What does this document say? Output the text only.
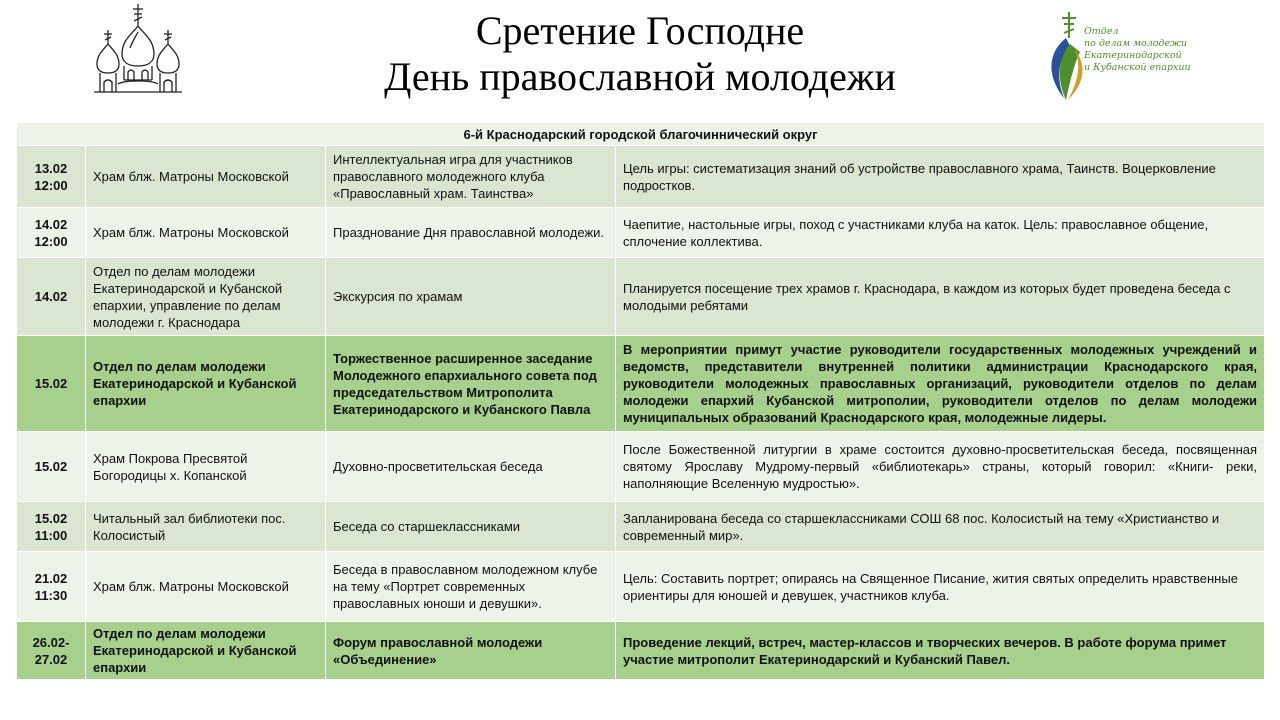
Сретение Господне
День православной молодежи
Отдел
по делам молодежи
Екатеринодарской
и Кубанской епархии
6-й Краснодарский городской благочиннический округ			
13.02
12:00	Храм блж. Матроны Московской	Интеллектуальная игра для участников православного молодежного клуба «Православный храм. Таинства»	Цель игры: систематизация знаний об устройстве православного храма, Таинств. Воцерковление подростков.
14.02
12:00	Храм блж. Матроны Московской	Празднование Дня православной молодежи.	Чаепитие, настольные игры, поход с участниками клуба на каток. Цель: православное общение, сплочение коллектива.
14.02	Отдел по делам молодежи Екатеринодарской и Кубанской епархии, управление по делам молодежи г. Краснодара	Экскурсия по храмам	Планируется посещение трех храмов г. Краснодара, в каждом из которых будет проведена беседа с молодыми ребятами
15.02	Отдел по делам молодежи Екатеринодарской и Кубанской епархии	Торжественное расширенное заседание Молодежного епархиального совета под председательством Митрополита Екатеринодарского и Кубанского Павла	В мероприятии примут участие руководители государственных молодежных учреждений и ведомств, представители внутренней политики администрации Краснодарского края, руководители молодежных православных организаций, руководители отделов по делам молодежи епархий Кубанской митрополии, руководители отделов по делам молодежи муниципальных образований Краснодарского края, молодежные лидеры.
15.02	Храм Покрова Пресвятой Богородицы х. Копанской	Духовно-просветительская беседа	После Божественной литургии в храме состоится духовно-просветительская беседа, посвященная святому Ярославу Мудрому-первый «библиотекарь» страны, который говорил: «Книги- реки, наполняющие Вселенную мудростью».
15.02
11:00	Читальный зал библиотеки пос. Колосистый	Беседа со старшеклассниками	Запланирована беседа со старшеклассниками СОШ 68 пос. Колосистый на тему «Христианство и современный мир».
21.02
11:30	Храм блж. Матроны Московской	Беседа в православном молодежном клубе на тему «Портрет современных православных юноши и девушки».	Цель: Составить портрет; опираясь на Священное Писание, жития святых определить нравственные ориентиры для юношей и девушек, участников клуба.
26.02-
27.02	Отдел по делам молодежи Екатеринодарской и Кубанской епархии	Форум православной молодежи «Объединение»	Проведение лекций, встреч, мастер-классов и творческих вечеров. В работе форума примет участие митрополит Екатеринодарский и Кубанский Павел.
